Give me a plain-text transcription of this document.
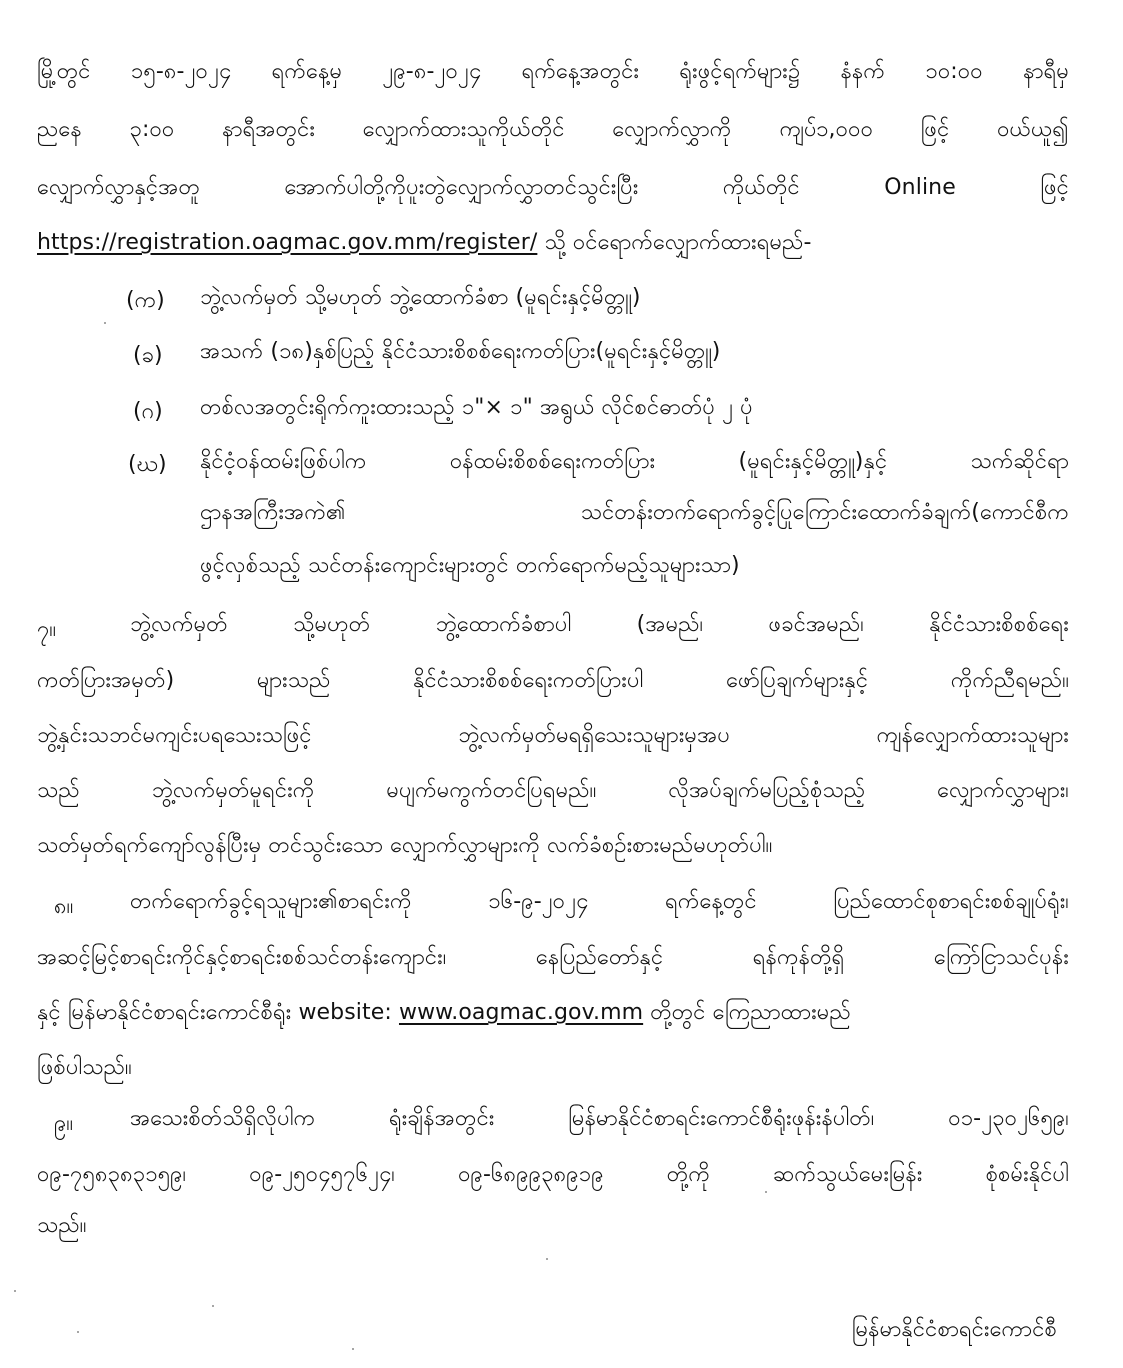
မြို့တွင် ၁၅-၈-၂၀၂၄ ရက်နေ့မှ ၂၉-၈-၂၀၂၄ ရက်နေ့အတွင်း ရုံးဖွင့်ရက်များ၌ နံနက် ၁၀:၀၀ နာရီမှ
ညနေ ၃:၀၀ နာရီအတွင်း လျှောက်ထားသူကိုယ်တိုင် လျှောက်လွှာကို ကျပ်၁,၀၀၀ ဖြင့် ဝယ်ယူ၍
လျှောက်လွှာနှင့်အတူ အောက်ပါတို့ကိုပူးတွဲလျှောက်လွှာတင်သွင်းပြီး ကိုယ်တိုင် Online ဖြင့်
https://registration.oagmac.gov.mm/register/ သို့ ဝင်ရောက်လျှောက်ထားရမည်-
(က) ဘွဲ့လက်မှတ် သို့မဟုတ် ဘွဲ့ထောက်ခံစာ (မူရင်းနှင့်မိတ္တူ)
(ခ) အသက် (၁၈)နှစ်ပြည့် နိုင်ငံသားစိစစ်ရေးကတ်ပြား(မူရင်းနှင့်မိတ္တူ)
(ဂ) တစ်လအတွင်းရိုက်ကူးထားသည့် ၁"× ၁" အရွယ် လိုင်စင်ဓာတ်ပုံ ၂ ပုံ
(ဃ) နိုင်ငံ့ဝန်ထမ်းဖြစ်ပါက ဝန်ထမ်းစိစစ်ရေးကတ်ပြား (မူရင်းနှင့်မိတ္တူ)နှင့် သက်ဆိုင်ရာ
ဌာနအကြီးအကဲ၏ သင်တန်းတက်ရောက်ခွင့်ပြုကြောင်းထောက်ခံချက်(ကောင်စီက
ဖွင့်လှစ်သည့် သင်တန်းကျောင်းများတွင် တက်ရောက်မည့်သူများသာ)
၇။	ဘွဲ့လက်မှတ် သို့မဟုတ် ဘွဲ့ထောက်ခံစာပါ (အမည်၊ ဖခင်အမည်၊ နိုင်ငံသားစိစစ်ရေး
ကတ်ပြားအမှတ်) များသည် နိုင်ငံသားစိစစ်ရေးကတ်ပြားပါ ဖော်ပြချက်များနှင့် ကိုက်ညီရမည်။
ဘွဲ့နှင်းသဘင်မကျင်းပရသေးသဖြင့် ဘွဲ့လက်မှတ်မရရှိသေးသူများမှအပ ကျန်လျှောက်ထားသူများ
သည် ဘွဲ့လက်မှတ်မူရင်းကို မပျက်မကွက်တင်ပြရမည်။ လိုအပ်ချက်မပြည့်စုံသည့် လျှောက်လွှာများ၊
သတ်မှတ်ရက်ကျော်လွန်ပြီးမှ တင်သွင်းသော လျှောက်လွှာများကို လက်ခံစဉ်းစားမည်မဟုတ်ပါ။
၈။	တက်ရောက်ခွင့်ရသူများ၏စာရင်းကို ၁၆-၉-၂၀၂၄ ရက်နေ့တွင် ပြည်ထောင်စုစာရင်းစစ်ချုပ်ရုံး၊
အဆင့်မြင့်စာရင်းကိုင်နှင့်စာရင်းစစ်သင်တန်းကျောင်း၊ နေပြည်တော်နှင့် ရန်ကုန်တို့ရှိ ကြော်ငြာသင်ပုန်း
နှင့် မြန်မာနိုင်ငံစာရင်းကောင်စီရုံး website: www.oagmac.gov.mm တို့တွင် ကြေညာထားမည်
ဖြစ်ပါသည်။
၉။	အသေးစိတ်သိရှိလိုပါက ရုံးချိန်အတွင်း မြန်မာနိုင်ငံစာရင်းကောင်စီရုံးဖုန်းနံပါတ်၊ ၀၁-၂၃၀၂၆၅၉၊
၀၉-၇၅၈၃၈၃၁၅၉၊ ၀၉-၂၅၀၄၅၇၆၂၄၊ ၀၉-၆၈၉၉၃၈၉၁၉ တို့ကို ဆက်သွယ်မေးမြန်း စုံစမ်းနိုင်ပါ
သည်။
မြန်မာနိုင်ငံစာရင်းကောင်စီ
